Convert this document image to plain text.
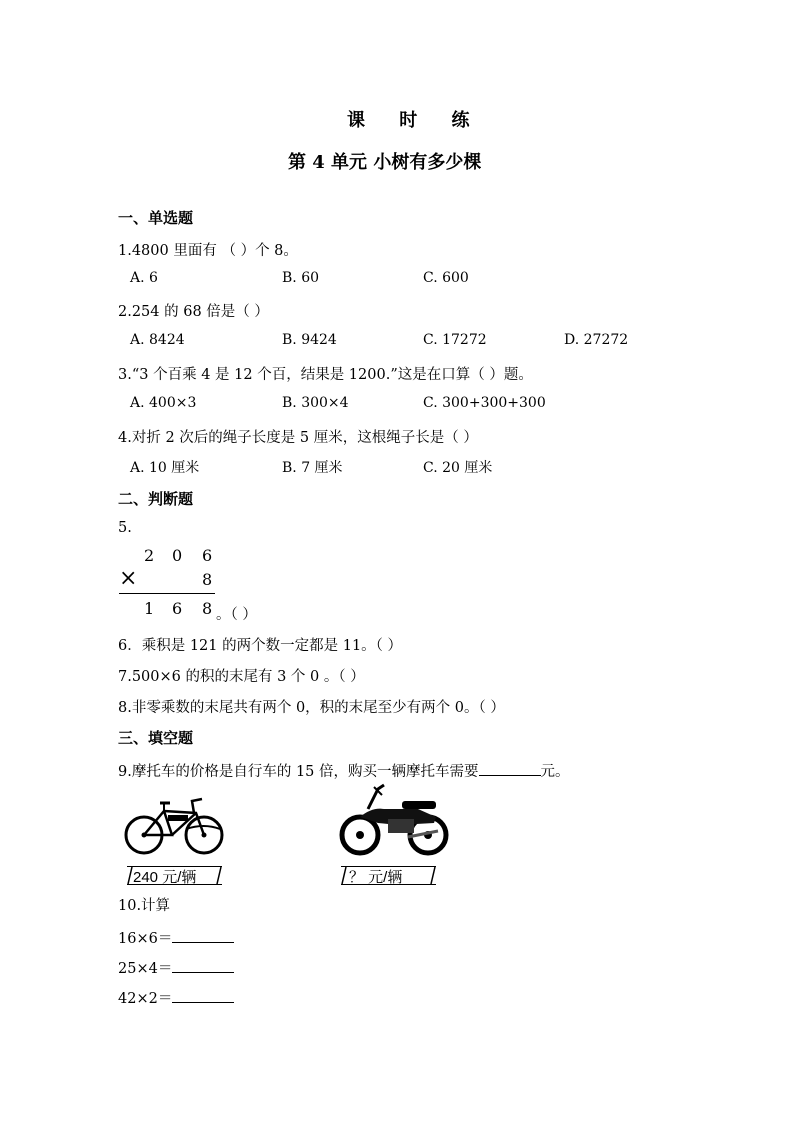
课 时 练
第 4 单元 小树有多少棵
一、单选题
1.4800 里面有 （ ）个 8。
A. 6	B. 60	C. 600
2.254 的 68 倍是（ ）
A. 8424	B. 9424	C. 17272	D. 27272
3.“3 个百乘 4 是 12 个百，结果是 1200.”这是在口算（ ）题。
A. 400×3	B. 300×4	C. 300+300+300
4.对折 2 次后的绳子长度是 5 厘米，这根绳子长是（ ）
A. 10 厘米	B. 7 厘米	C. 20 厘米
二、判断题
5.
2 0 6
×	8
1 6 8 。（ ）
6．乘积是 121 的两个数一定都是 11。（ ）
7.500×6 的积的末尾有 3 个 0 。（ ）
8.非零乘数的末尾共有两个 0，积的末尾至少有两个 0。（ ）
三、填空题
9.摩托车的价格是自行车的 15 倍，购买一辆摩托车需要	元。
240 元/辆	？ 元/辆
10.计算
16×6＝
25×4＝
42×2＝
